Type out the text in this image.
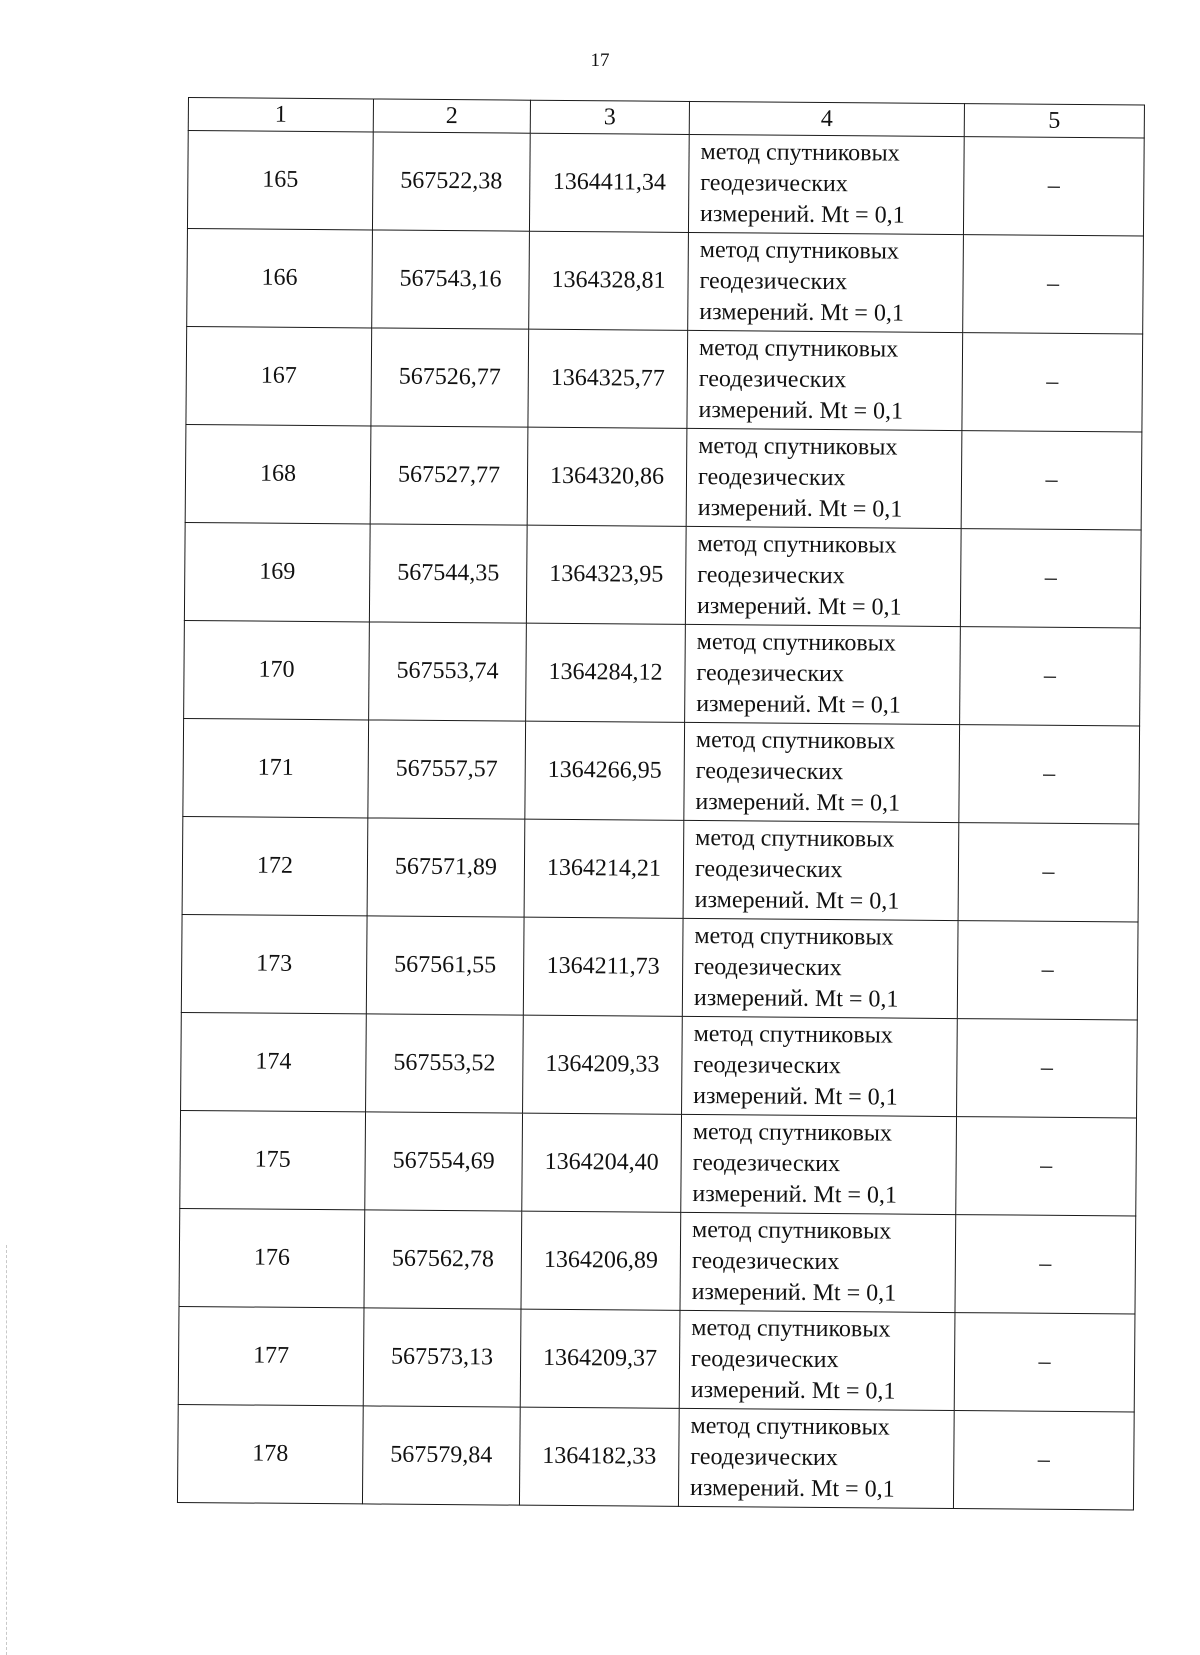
17
1	2	3	4	5
165	567522,38	1364411,34	метод спутниковых
геодезических
измерений. Mt = 0,1	–
166	567543,16	1364328,81	метод спутниковых
геодезических
измерений. Mt = 0,1	–
167	567526,77	1364325,77	метод спутниковых
геодезических
измерений. Mt = 0,1	–
168	567527,77	1364320,86	метод спутниковых
геодезических
измерений. Mt = 0,1	–
169	567544,35	1364323,95	метод спутниковых
геодезических
измерений. Mt = 0,1	–
170	567553,74	1364284,12	метод спутниковых
геодезических
измерений. Mt = 0,1	–
171	567557,57	1364266,95	метод спутниковых
геодезических
измерений. Mt = 0,1	–
172	567571,89	1364214,21	метод спутниковых
геодезических
измерений. Mt = 0,1	–
173	567561,55	1364211,73	метод спутниковых
геодезических
измерений. Mt = 0,1	–
174	567553,52	1364209,33	метод спутниковых
геодезических
измерений. Mt = 0,1	–
175	567554,69	1364204,40	метод спутниковых
геодезических
измерений. Mt = 0,1	–
176	567562,78	1364206,89	метод спутниковых
геодезических
измерений. Mt = 0,1	–
177	567573,13	1364209,37	метод спутниковых
геодезических
измерений. Mt = 0,1	–
178	567579,84	1364182,33	метод спутниковых
геодезических
измерений. Mt = 0,1	–
